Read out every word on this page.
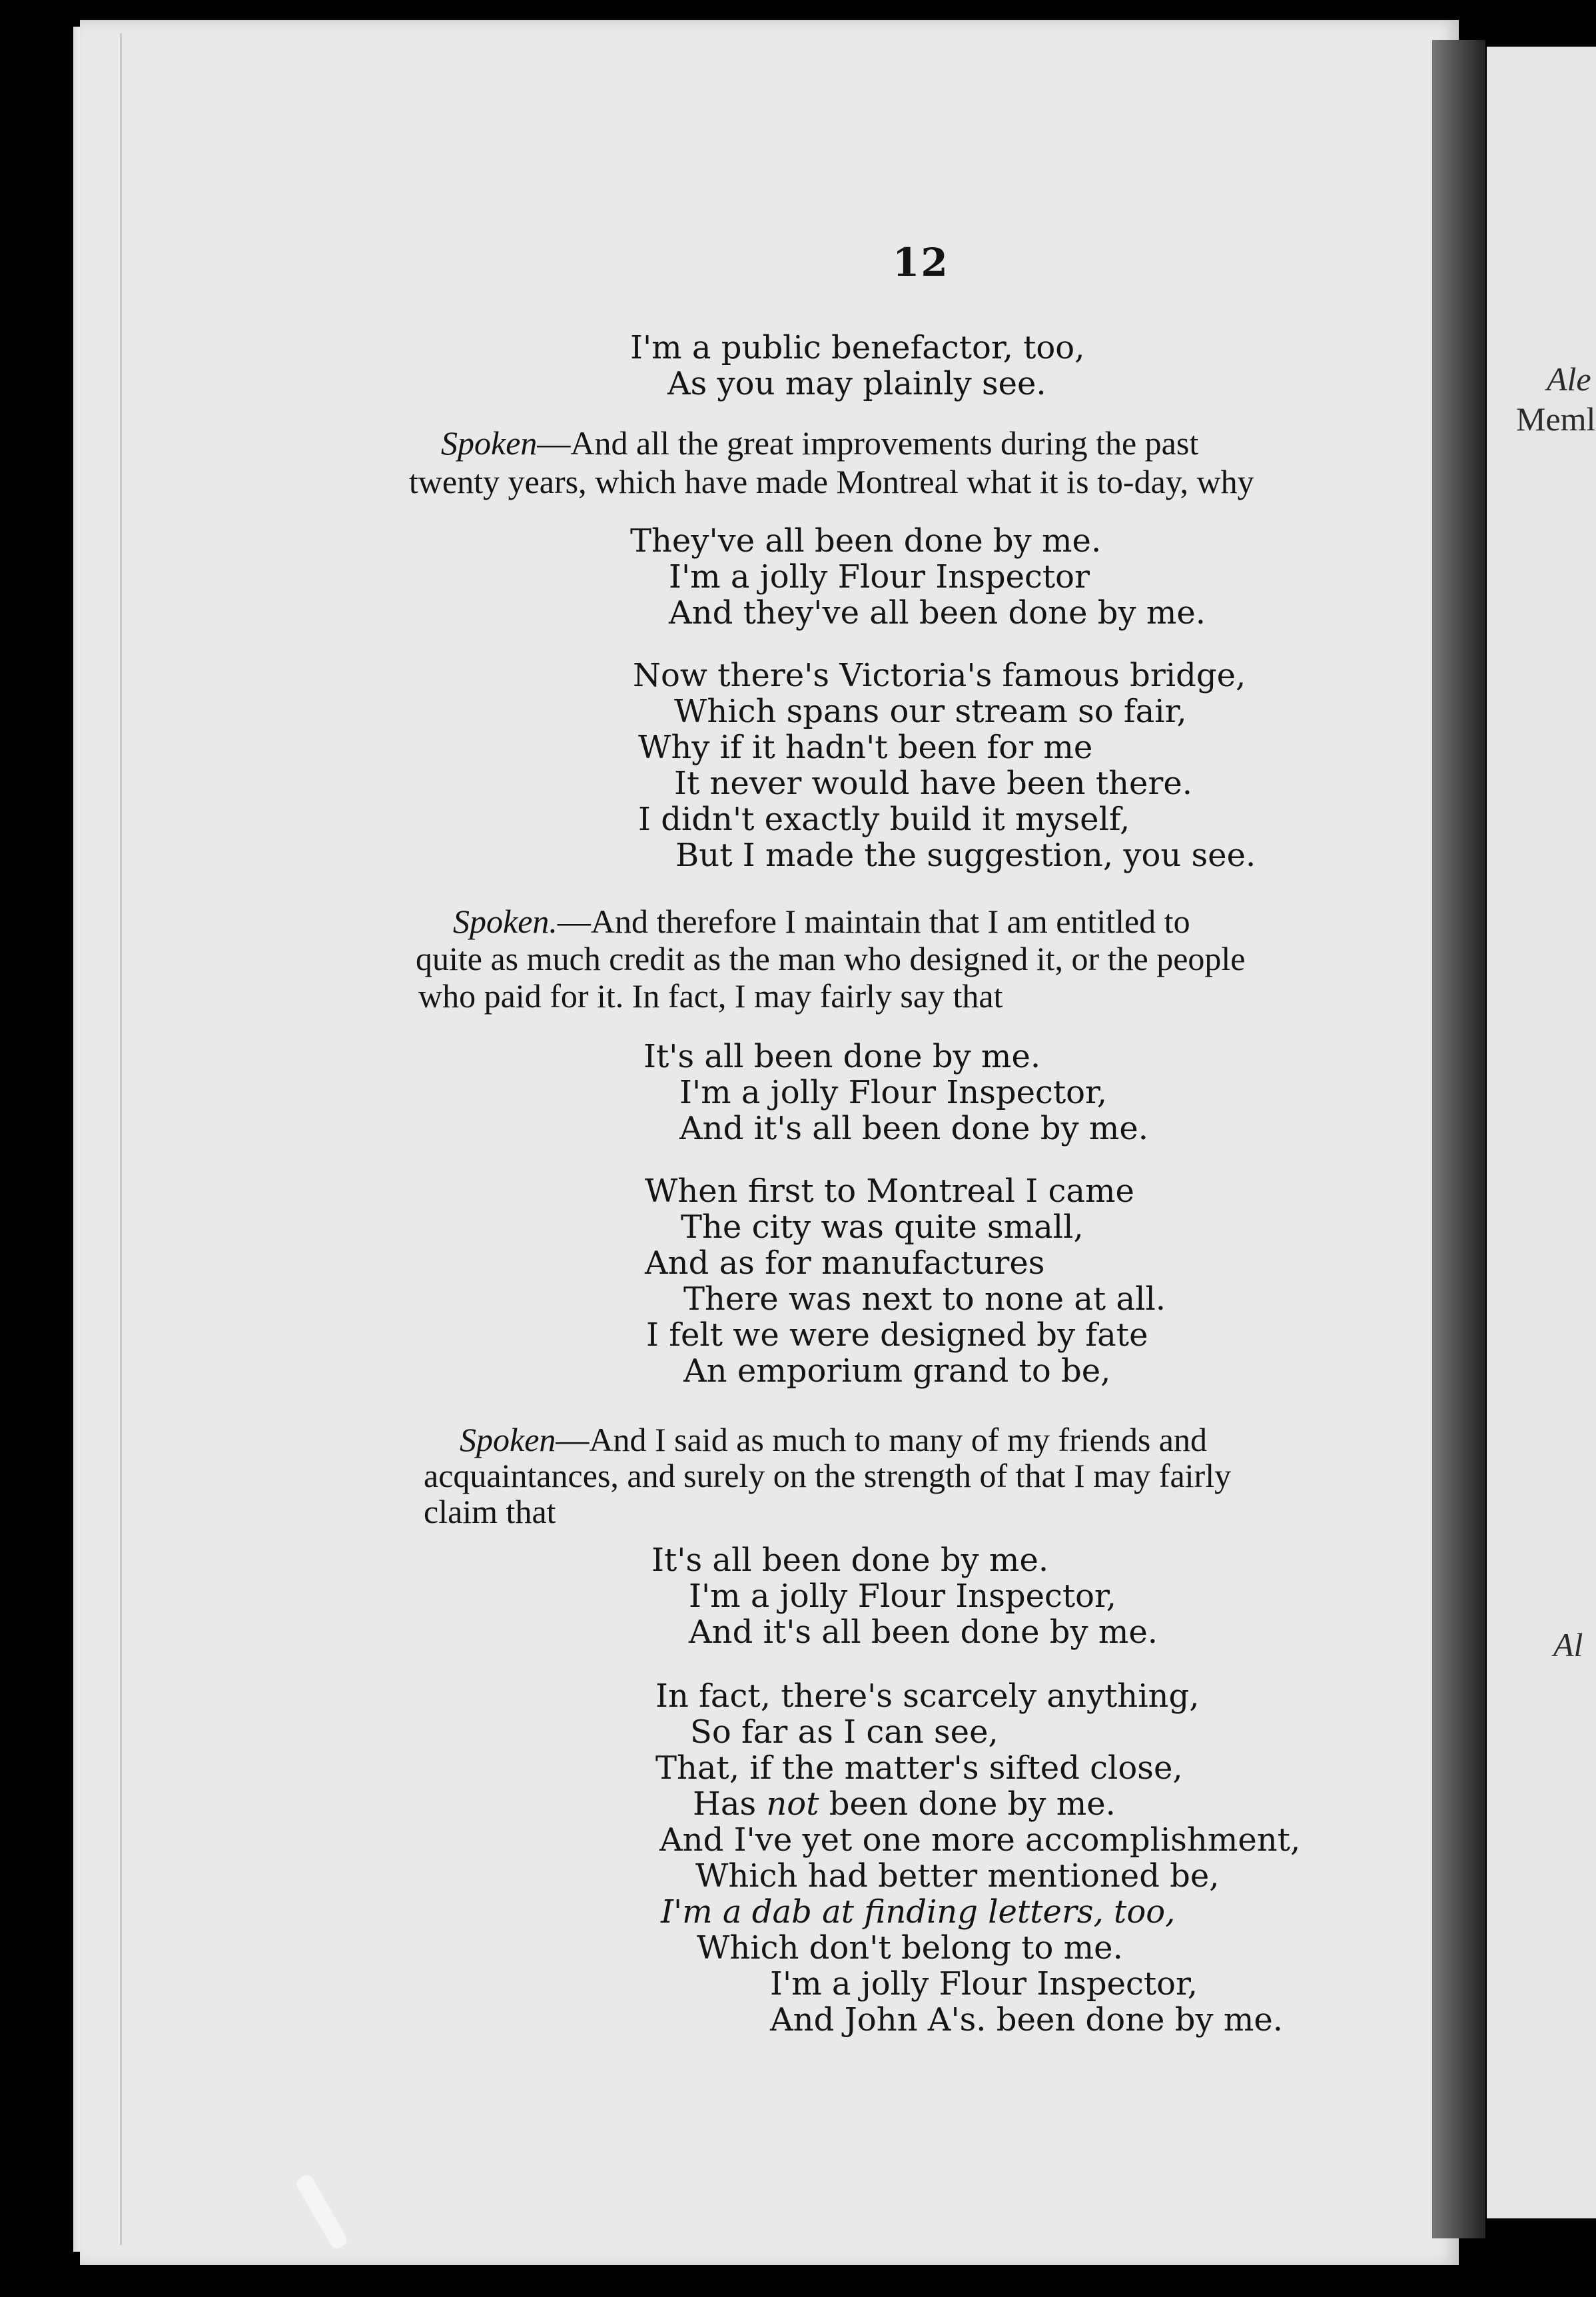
Ale
Meml
Al

12
I'm a public benefactor, too,
As you may plainly see.
Spoken—And all the great improvements during the past
twenty years, which have made Montreal what it is to-day, why
They've all been done by me.
I'm a jolly Flour Inspector
And they've all been done by me.
Now there's Victoria's famous bridge,
Which spans our stream so fair,
Why if it hadn't been for me
It never would have been there.
I didn't exactly build it myself,
But I made the suggestion, you see.
Spoken.—And therefore I maintain that I am entitled to
quite as much credit as the man who designed it, or the people
who paid for it. In fact, I may fairly say that
It's all been done by me.
I'm a jolly Flour Inspector,
And it's all been done by me.
When first to Montreal I came
The city was quite small,
And as for manufactures
There was next to none at all.
I felt we were designed by fate
An emporium grand to be,
Spoken—And I said as much to many of my friends and
acquaintances, and surely on the strength of that I may fairly
claim that
It's all been done by me.
I'm a jolly Flour Inspector,
And it's all been done by me.
In fact, there's scarcely anything,
So far as I can see,
That, if the matter's sifted close,
Has not been done by me.
And I've yet one more accomplishment,
Which had better mentioned be,
I'm a dab at finding letters, too,
Which don't belong to me.
I'm a jolly Flour Inspector,
And John A's. been done by me.
